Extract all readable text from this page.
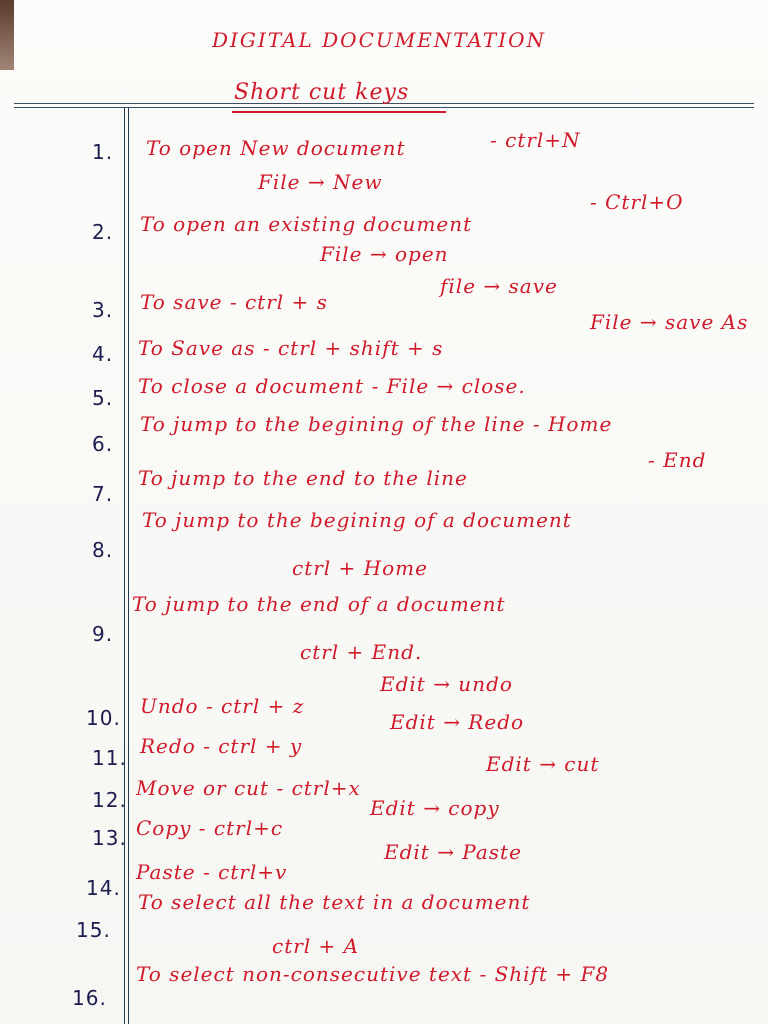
DIGITAL DOCUMENTATION
Short cut keys
1. To open New document	- ctrl+N
File → New
2. To open an existing document
- Ctrl+O
File → open
3. To save - ctrl + s
file → save
4. To Save as - ctrl + shift + s
File → save As
5. To close a document - File → close.
6.
To jump to the begining of the line - Home
7.
To jump to the end to the line
- End
8.
To jump to the begining of a document
ctrl + Home
9.
To jump to the end of a document
ctrl + End.
10. Undo - ctrl + z
Edit → undo
11. Redo - ctrl + y
Edit → Redo
12. Move or cut - ctrl+x
Edit → cut
13. Copy - ctrl+c
Edit → copy
14.
Paste - ctrl+v
Edit → Paste
15.
To select all the text in a document
ctrl + A
16.
To select non-consecutive text - Shift + F8
